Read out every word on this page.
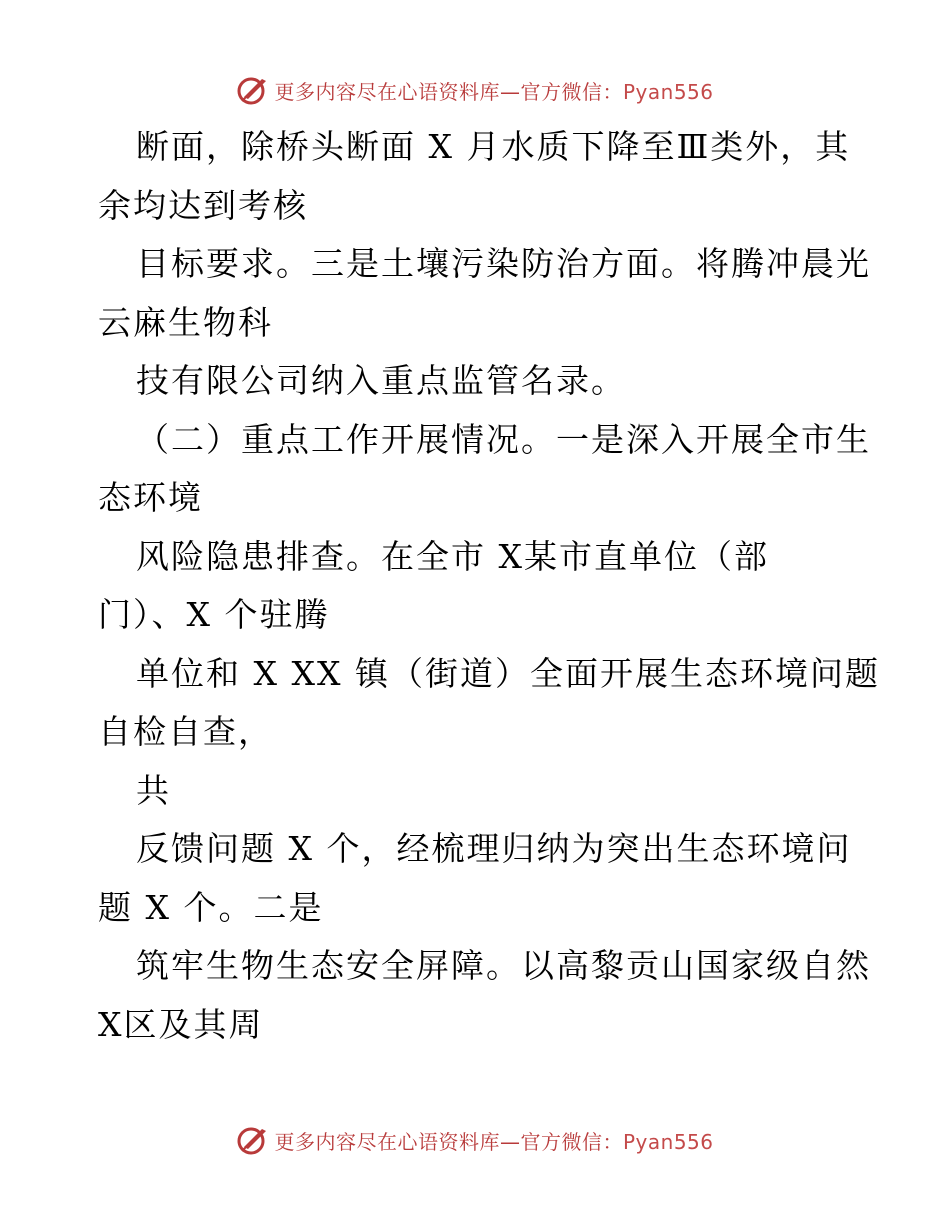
更多内容尽在心语资料库—官方微信：Pyan556
断面，除桥头断面 X 月水质下降至Ⅲ类外，其
余均达到考核
目标要求。三是土壤污染防治方面。将腾冲晨光
云麻生物科
技有限公司纳入重点监管名录。
（二）重点工作开展情况。一是深入开展全市生
态环境
风险隐患排查。在全市 X某市直单位（部
门）、X 个驻腾
单位和 X XX 镇（街道）全面开展生态环境问题
自检自查，
共
反馈问题 X 个，经梳理归纳为突出生态环境问
题 X 个。二是
筑牢生物生态安全屏障。以高黎贡山国家级自然
X区及其周
更多内容尽在心语资料库—官方微信：Pyan556
